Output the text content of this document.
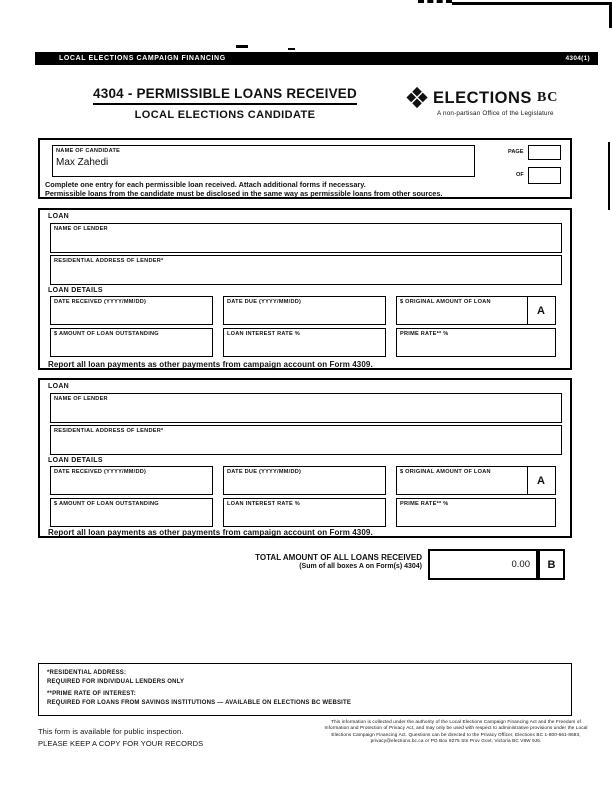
LOCAL ELECTIONS CAMPAIGN FINANCING	4304(1)
4304 - PERMISSIBLE LOANS RECEIVED
LOCAL ELECTIONS CANDIDATE	❖ ELECTIONS BC
A non-partisan Office of the Legislature
NAME OF CANDIDATE
Max Zahedi
PAGE
OF
Complete one entry for each permissible loan received. Attach additional forms if necessary.
Permissible loans from the candidate must be disclosed in the same way as permissible loans from other sources.
LOAN
NAME OF LENDER
RESIDENTIAL ADDRESS OF LENDER*
LOAN DETAILS
DATE RECEIVED (YYYY/MM/DD)	DATE DUE (YYYY/MM/DD)	$ ORIGINAL AMOUNT OF LOAN
A
$ AMOUNT OF LOAN OUTSTANDING	LOAN INTEREST RATE %	PRIME RATE** %
Report all loan payments as other payments from campaign account on Form 4309.
LOAN
NAME OF LENDER
RESIDENTIAL ADDRESS OF LENDER*
LOAN DETAILS
DATE RECEIVED (YYYY/MM/DD)	DATE DUE (YYYY/MM/DD)	$ ORIGINAL AMOUNT OF LOAN
A
$ AMOUNT OF LOAN OUTSTANDING	LOAN INTEREST RATE %	PRIME RATE** %
Report all loan payments as other payments from campaign account on Form 4309.
TOTAL AMOUNT OF ALL LOANS RECEIVED
(Sum of all boxes A on Form(s) 4304)	0.00	B
*RESIDENTIAL ADDRESS:
REQUIRED FOR INDIVIDUAL LENDERS ONLY
**PRIME RATE OF INTEREST:
REQUIRED FOR LOANS FROM SAVINGS INSTITUTIONS — AVAILABLE ON ELECTIONS BC WEBSITE
This form is available for public inspection.
PLEASE KEEP A COPY FOR YOUR RECORDS
This information is collected under the authority of the Local Elections Campaign Financing Act and the Freedom of Information and Protection of Privacy Act, and may only be used with respect to administrative provisions under the Local Elections Campaign Financing Act. Questions can be directed to the Privacy Officer, Elections BC 1-800-661-8683, privacy@elections.bc.ca or PO Box 9275 Stn Prov Govt, Victoria BC V8W 9J6.
